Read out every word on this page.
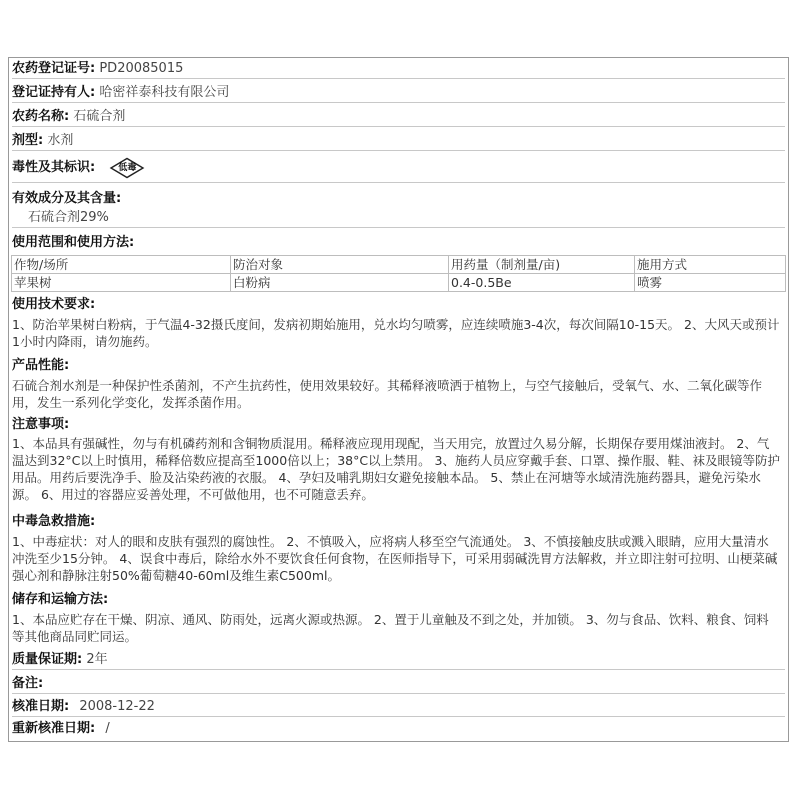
农药登记证号: PD20085015
登记证持有人: 哈密祥泰科技有限公司
农药名称: 石硫合剂
剂型: 水剂
毒性及其标识:	低毒
有效成分及其含量:
石硫合剂29%
使用范围和使用方法:
作物/场所	防治对象	用药量（制剂量/亩)	施用方式
苹果树	白粉病	0.4-0.5Be	喷雾
使用技术要求:
1、防治苹果树白粉病，于气温4-32摄氏度间，发病初期始施用，兑水均匀喷雾，应连续喷施3-4次，每次间隔10-15天。 2、大风天或预计1小时内降雨，请勿施药。
产品性能:
石硫合剂水剂是一种保护性杀菌剂，不产生抗药性，使用效果较好。其稀释液喷洒于植物上，与空气接触后，受氧气、水、二氧化碳等作用，发生一系列化学变化，发挥杀菌作用。
注意事项:
1、本品具有强碱性，勿与有机磷药剂和含铜物质混用。稀释液应现用现配，当天用完，放置过久易分解，长期保存要用煤油液封。 2、气温达到32°C以上时慎用，稀释倍数应提高至1000倍以上；38°C以上禁用。 3、施药人员应穿戴手套、口罩、操作服、鞋、袜及眼镜等防护用品。用药后要洗净手、脸及沾染药液的衣服。 4、孕妇及哺乳期妇女避免接触本品。 5、禁止在河塘等水域清洗施药器具，避免污染水源。 6、用过的容器应妥善处理，不可做他用，也不可随意丢弃。
中毒急救措施:
1、中毒症状：对人的眼和皮肤有强烈的腐蚀性。 2、不慎吸入，应将病人移至空气流通处。 3、不慎接触皮肤或溅入眼睛，应用大量清水冲洗至少15分钟。 4、误食中毒后，除给水外不要饮食任何食物，在医师指导下，可采用弱碱洗胃方法解救，并立即注射可拉明、山梗菜碱强心剂和静脉注射50%葡萄糖40-60ml及维生素C500ml。
储存和运输方法:
1、本品应贮存在干燥、阴凉、通风、防雨处，远离火源或热源。 2、置于儿童触及不到之处，并加锁。 3、勿与食品、饮料、粮食、饲料等其他商品同贮同运。
质量保证期: 2年
备注:
核准日期: 2008-12-22
重新核准日期: /
